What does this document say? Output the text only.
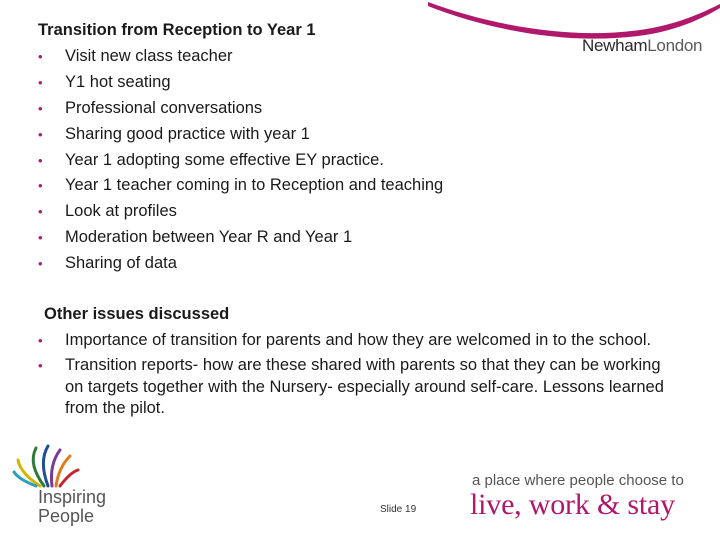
NewhamLondon
Transition from Reception to Year 1
• Visit new class teacher
• Y1 hot seating
• Professional conversations
• Sharing good practice with year 1
• Year 1 adopting some effective EY practice.
• Year 1 teacher coming in to Reception and teaching
• Look at profiles
• Moderation between Year R and Year 1
• Sharing of data
Other issues discussed
• Importance of transition for parents and how they are welcomed in to the school.
• Transition reports- how are these shared with parents so that they can be working on targets together with the Nursery- especially around self-care. Lessons learned from the pilot.
Inspiring
People	Slide 19
a place where people choose to
live, work & stay
